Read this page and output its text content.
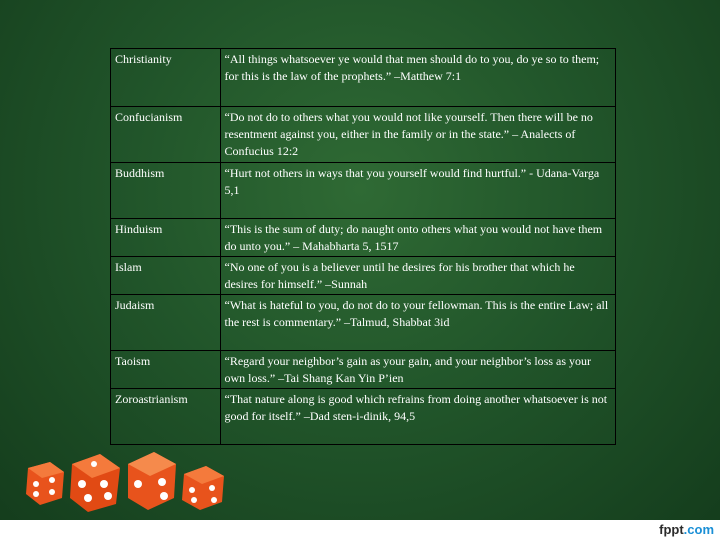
Christianity	“All things whatsoever ye would that men should do to you, do ye so to them; for this is the law of the prophets.” –Matthew 7:1
Confucianism	“Do not do to others what you would not like yourself. Then there will be no resentment against you, either in the family or in the state.” – Analects of Confucius 12:2
Buddhism	“Hurt not others in ways that you yourself would find hurtful.” - Udana-Varga 5,1
Hinduism	“This is the sum of duty; do naught onto others what you would not have them do unto you.” – Mahabharta 5, 1517
Islam	“No one of you is a believer until he desires for his brother that which he desires for himself.” –Sunnah
Judaism	“What is hateful to you, do not do to your fellowman. This is the entire Law; all the rest is commentary.” –Talmud, Shabbat 3id
Taoism	“Regard your neighbor’s gain as your gain, and your neighbor’s loss as your own loss.” –Tai Shang Kan Yin P’ien
Zoroastrianism	“That nature along is good which refrains from doing another whatsoever is not good for itself.” –Dad sten-i-dinik, 94,5
fppt.com
